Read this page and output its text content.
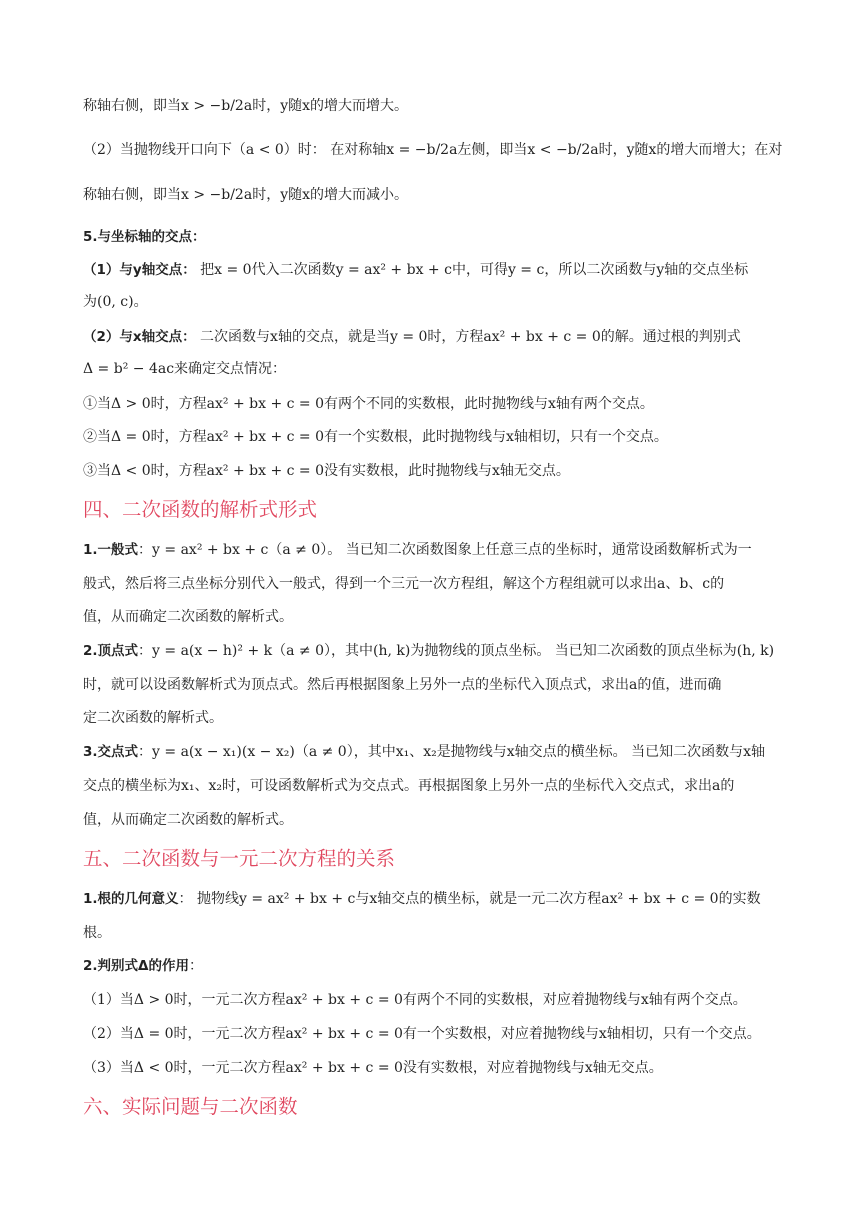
称轴右侧，即当x > −b/2a时，y随x的增大而增大。
（2）当抛物线开口向下（a < 0）时： 在对称轴x = −b/2a左侧，即当x < −b/2a时，y随x的增大而增大；在对
称轴右侧，即当x > −b/2a时，y随x的增大而减小。
5.与坐标轴的交点：
（1）与y轴交点： 把x = 0代入二次函数y = ax² + bx + c中，可得y = c，所以二次函数与y轴的交点坐标
为(0, c)。
（2）与x轴交点： 二次函数与x轴的交点，就是当y = 0时，方程ax² + bx + c = 0的解。通过根的判别式
Δ = b² − 4ac来确定交点情况：
①当Δ > 0时，方程ax² + bx + c = 0有两个不同的实数根，此时抛物线与x轴有两个交点。
②当Δ = 0时，方程ax² + bx + c = 0有一个实数根，此时抛物线与x轴相切，只有一个交点。
③当Δ < 0时，方程ax² + bx + c = 0没有实数根，此时抛物线与x轴无交点。
四、二次函数的解析式形式
1.一般式：y = ax² + bx + c（a ≠ 0）。 当已知二次函数图象上任意三点的坐标时，通常设函数解析式为一
般式，然后将三点坐标分别代入一般式，得到一个三元一次方程组，解这个方程组就可以求出a、b、c的
值，从而确定二次函数的解析式。
2.顶点式：y = a(x − h)² + k（a ≠ 0），其中(h, k)为抛物线的顶点坐标。 当已知二次函数的顶点坐标为(h, k)
时，就可以设函数解析式为顶点式。然后再根据图象上另外一点的坐标代入顶点式，求出a的值，进而确
定二次函数的解析式。
3.交点式：y = a(x − x₁)(x − x₂)（a ≠ 0），其中x₁、x₂是抛物线与x轴交点的横坐标。 当已知二次函数与x轴
交点的横坐标为x₁、x₂时，可设函数解析式为交点式。再根据图象上另外一点的坐标代入交点式，求出a的
值，从而确定二次函数的解析式。
五、二次函数与一元二次方程的关系
1.根的几何意义： 抛物线y = ax² + bx + c与x轴交点的横坐标，就是一元二次方程ax² + bx + c = 0的实数
根。
2.判别式Δ的作用：
（1）当Δ > 0时，一元二次方程ax² + bx + c = 0有两个不同的实数根，对应着抛物线与x轴有两个交点。
（2）当Δ = 0时，一元二次方程ax² + bx + c = 0有一个实数根，对应着抛物线与x轴相切，只有一个交点。
（3）当Δ < 0时，一元二次方程ax² + bx + c = 0没有实数根，对应着抛物线与x轴无交点。
六、实际问题与二次函数
